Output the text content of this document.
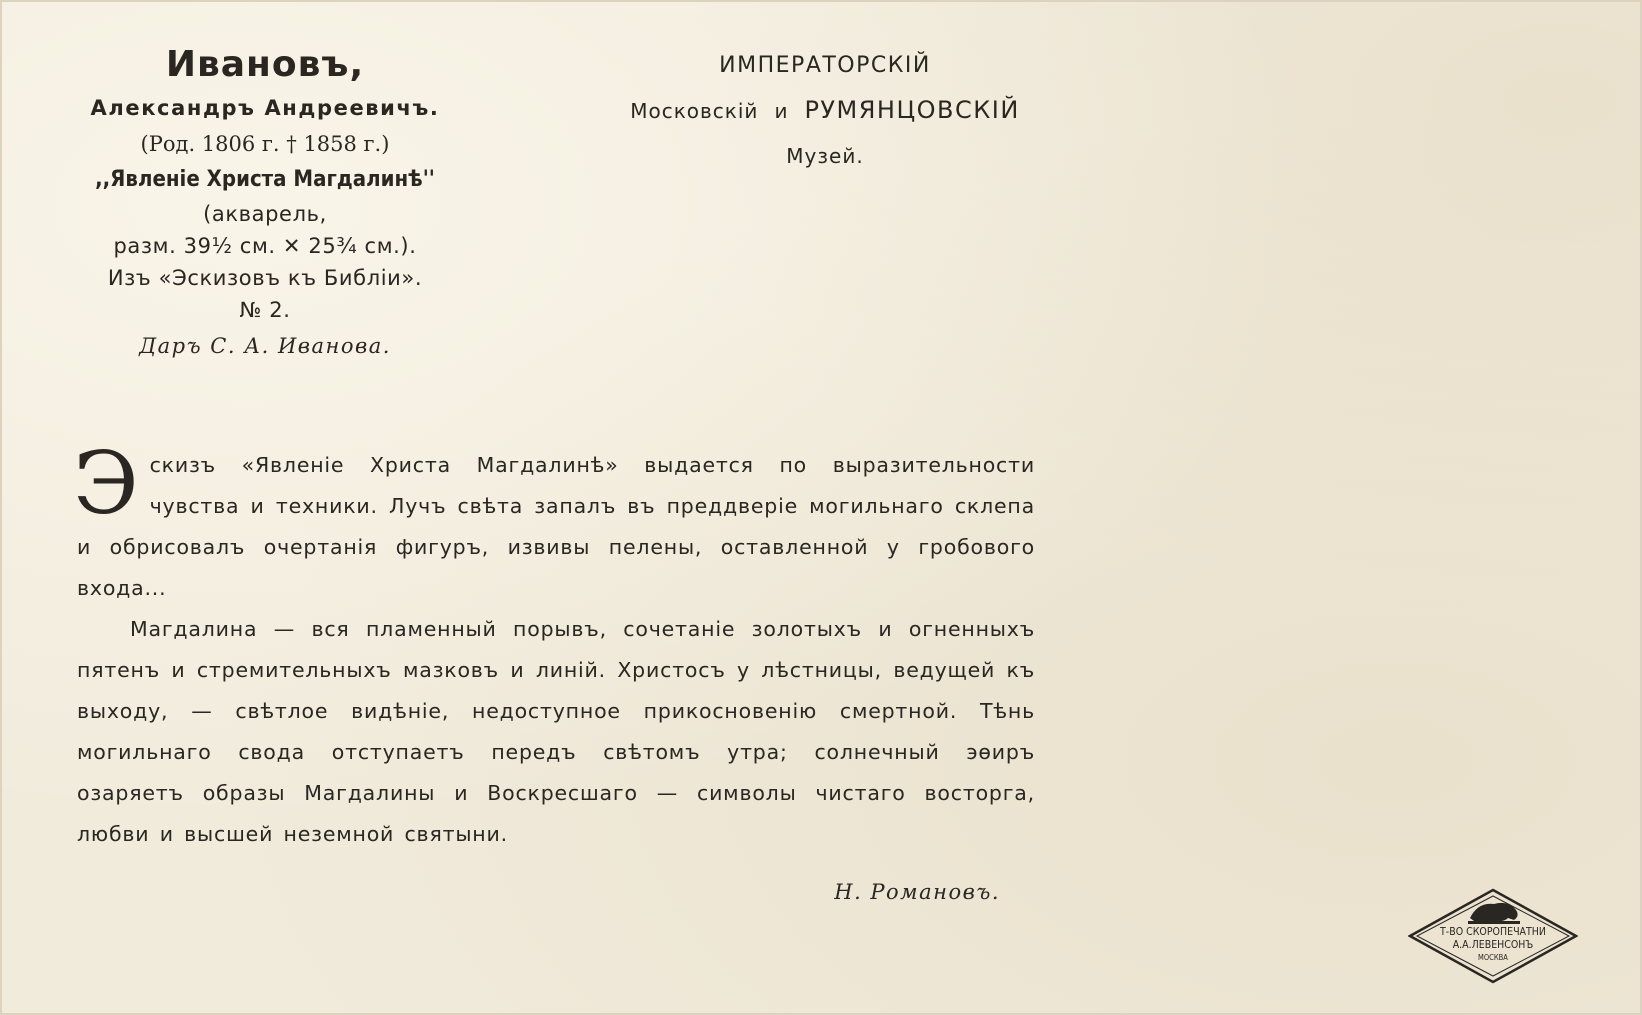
Ивановъ,
Александръ Андреевичъ.
(Род. 1806 г. † 1858 г.)
,,Явленіе Христа Магдалинѣ''
(акварель,
разм. 39½ см. ✕ 25¾ см.).
Изъ «Эскизовъ къ Библіи».
№ 2.
Даръ С. А. Иванова.
ИМПЕРАТОРСКІЙ
Московскій и РУМЯНЦОВСКІЙ
Музей.

Эскизъ «Явленіе Христа Магдалинѣ» выдается по выразительности чувства и техники. Лучъ свѣта запалъ въ преддверіе могильнаго склепа и обрисовалъ очертанія фигуръ, извивы пелены, оставленной у гробового входа...

Магдалина — вся пламенный порывъ, сочетаніе золотыхъ и огненныхъ пятенъ и стремительныхъ мазковъ и линій. Христосъ у лѣстницы, ведущей къ выходу, — свѣтлое видѣніе, недоступное прикосновенію смертной. Тѣнь могильнаго свода отступаетъ передъ свѣтомъ утра; солнечный эѳиръ озаряетъ образы Магдалины и Воскресшаго — символы чистаго восторга, любви и высшей неземной святыни.

Н. Романовъ.
Т-ВО СКОРОПЕЧАТНИ
А.А.ЛЕВЕНСОНЪ
МОСКВА
